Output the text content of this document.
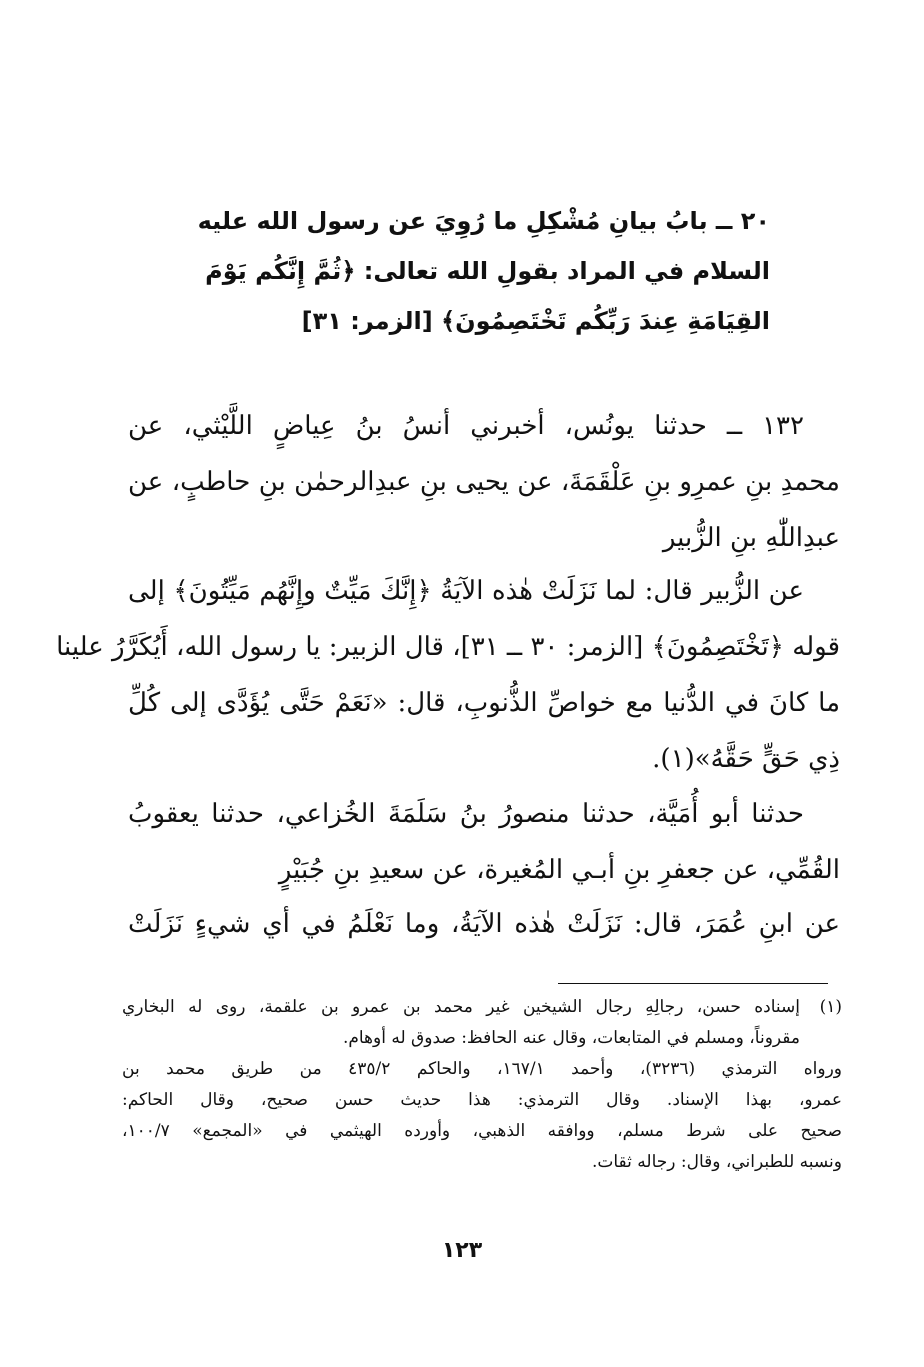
٢٠ ــ بابُ بيانِ مُشْكِلِ ما رُوِيَ عن رسول الله عليه
السلام في المراد بقولِ الله تعالى: ﴿ثُمَّ إِنَّكُم يَوْمَ
القِيَامَةِ عِندَ رَبِّكُم تَخْتَصِمُونَ﴾ [الزمر: ٣١]
١٣٢ ــ حدثنا يونُس، أخبرني أنسُ بنُ عِياضٍ اللَّيْثي، عن
محمدِ بنِ عمرِو بنِ عَلْقَمَةَ، عن يحيى بنِ عبدِالرحمٰن بنِ حاطبٍ، عن
عبدِاللّٰهِ بنِ الزُّبير
عن الزُّبير قال: لما نَزَلَتْ هٰذه الآيَةُ ﴿إِنَّكَ مَيِّتٌ وإِنَّهُم مَيِّتُونَ﴾ إلى
قوله ﴿تَخْتَصِمُونَ﴾ [الزمر: ٣٠ ــ ٣١]، قال الزبير: يا رسول الله، أَيُكَرَّرُ علينا
ما كانَ في الدُّنيا مع خواصِّ الذُّنوبِ، قال: «نَعَمْ حَتَّى يُؤَدَّى إلى كُلِّ
ذِي حَقٍّ حَقَّهُ»(١).
حدثنا أبو أُمَيَّة، حدثنا منصورُ بنُ سَلَمَةَ الخُزاعي، حدثنا يعقوبُ
القُمِّي، عن جعفرِ بنِ أبـي المُغيرة، عن سعيدِ بنِ جُبَيْرٍ
عن ابنِ عُمَرَ، قال: نَزَلَتْ هٰذه الآيَةُ، وما نَعْلَمُ في أي شيءٍ نَزَلَتْ
(١)
إسناده حسن، رجالِهِ رجال الشيخين غير محمد بن عمرو بن علقمة، روى له البخاري
مقروناً، ومسلم في المتابعات، وقال عنه الحافظ: صدوق له أوهام.
ورواه الترمذي (٣٢٣٦)، وأحمد ١٦٧/١، والحاكم ٤٣٥/٢ من طريق محمد بن
عمرو، بهذا الإسناد. وقال الترمذي: هذا حديث حسن صحيح، وقال الحاكم:
صحيح على شرط مسلم، ووافقه الذهبي، وأورده الهيثمي في «المجمع» ١٠٠/٧،
ونسبه للطبراني، وقال: رجاله ثقات.
١٢٣
